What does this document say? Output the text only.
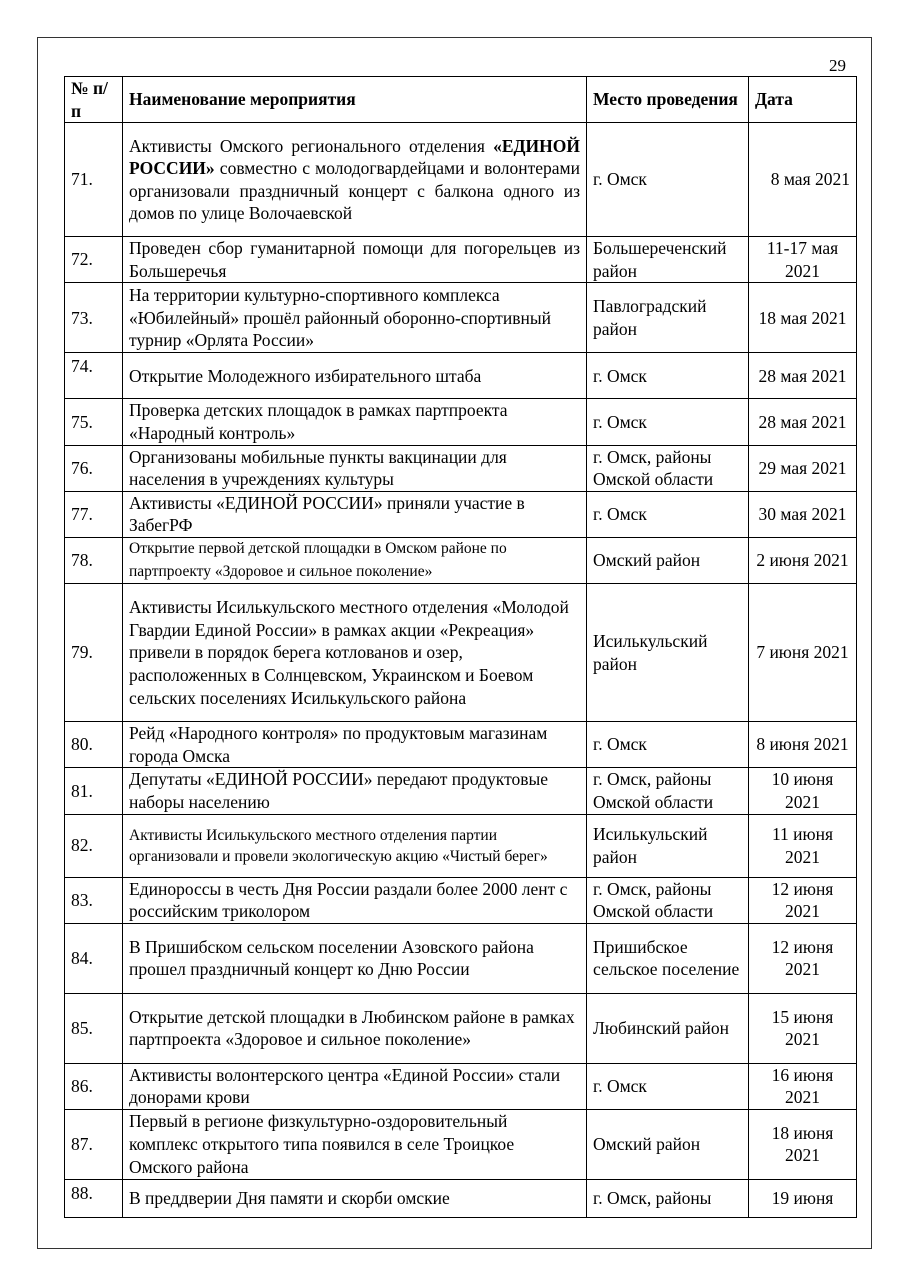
29
№ п/п	Наименование мероприятия	Место проведения	Дата
71.	Активисты Омского регионального отделения «ЕДИНОЙ РОССИИ» совместно с молодогвардейцами и волонтерами организовали праздничный концерт с балкона одного из домов по улице Волочаевской	г. Омск	8 мая 2021
72.	Проведен сбор гуманитарной помощи для погорельцев из Большеречья	Большереченский район	11-17 мая 2021
73.	На территории культурно-спортивного комплекса «Юбилейный» прошёл районный оборонно-спортивный турнир «Орлята России»	Павлоградский район	18 мая 2021
74.	Открытие Молодежного избирательного штаба	г. Омск	28 мая 2021
75.	Проверка детских площадок в рамках партпроекта «Народный контроль»	г. Омск	28 мая 2021
76.	Организованы мобильные пункты вакцинации для населения в учреждениях культуры	г. Омск, районы Омской области	29 мая 2021
77.	Активисты «ЕДИНОЙ РОССИИ» приняли участие в ЗабегРФ	г. Омск	30 мая 2021
78.	Открытие первой детской площадки в Омском районе по партпроекту «Здоровое и сильное поколение»	Омский район	2 июня 2021
79.	Активисты Исилькульского местного отделения «Молодой Гвардии Единой России» в рамках акции «Рекреация» привели в порядок берега котлованов и озер, расположенных в Солнцевском, Украинском и Боевом сельских поселениях Исилькульского района	Исилькульский район	7 июня 2021
80.	Рейд «Народного контроля» по продуктовым магазинам города Омска	г. Омск	8 июня 2021
81.	Депутаты «ЕДИНОЙ РОССИИ» передают продуктовые наборы населению	г. Омск, районы Омской области	10 июня 2021
82.	Активисты Исилькульского местного отделения партии организовали и провели экологическую акцию «Чистый берег»	Исилькульский район	11 июня 2021
83.	Единороссы в честь Дня России раздали более 2000 лент с российским триколором	г. Омск, районы Омской области	12 июня 2021
84.	В Пришибском сельском поселении Азовского района прошел праздничный концерт ко Дню России	Пришибское сельское поселение	12 июня 2021
85.	Открытие детской площадки в Любинском районе в рамках партпроекта «Здоровое и сильное поколение»	Любинский район	15 июня 2021
86.	Активисты волонтерского центра «Единой России» стали донорами крови	г. Омск	16 июня 2021
87.	Первый в регионе физкультурно-оздоровительный комплекс открытого типа появился в селе Троицкое Омского района	Омский район	18 июня 2021
88.	В преддверии Дня памяти и скорби омские	г. Омск, районы	19 июня
